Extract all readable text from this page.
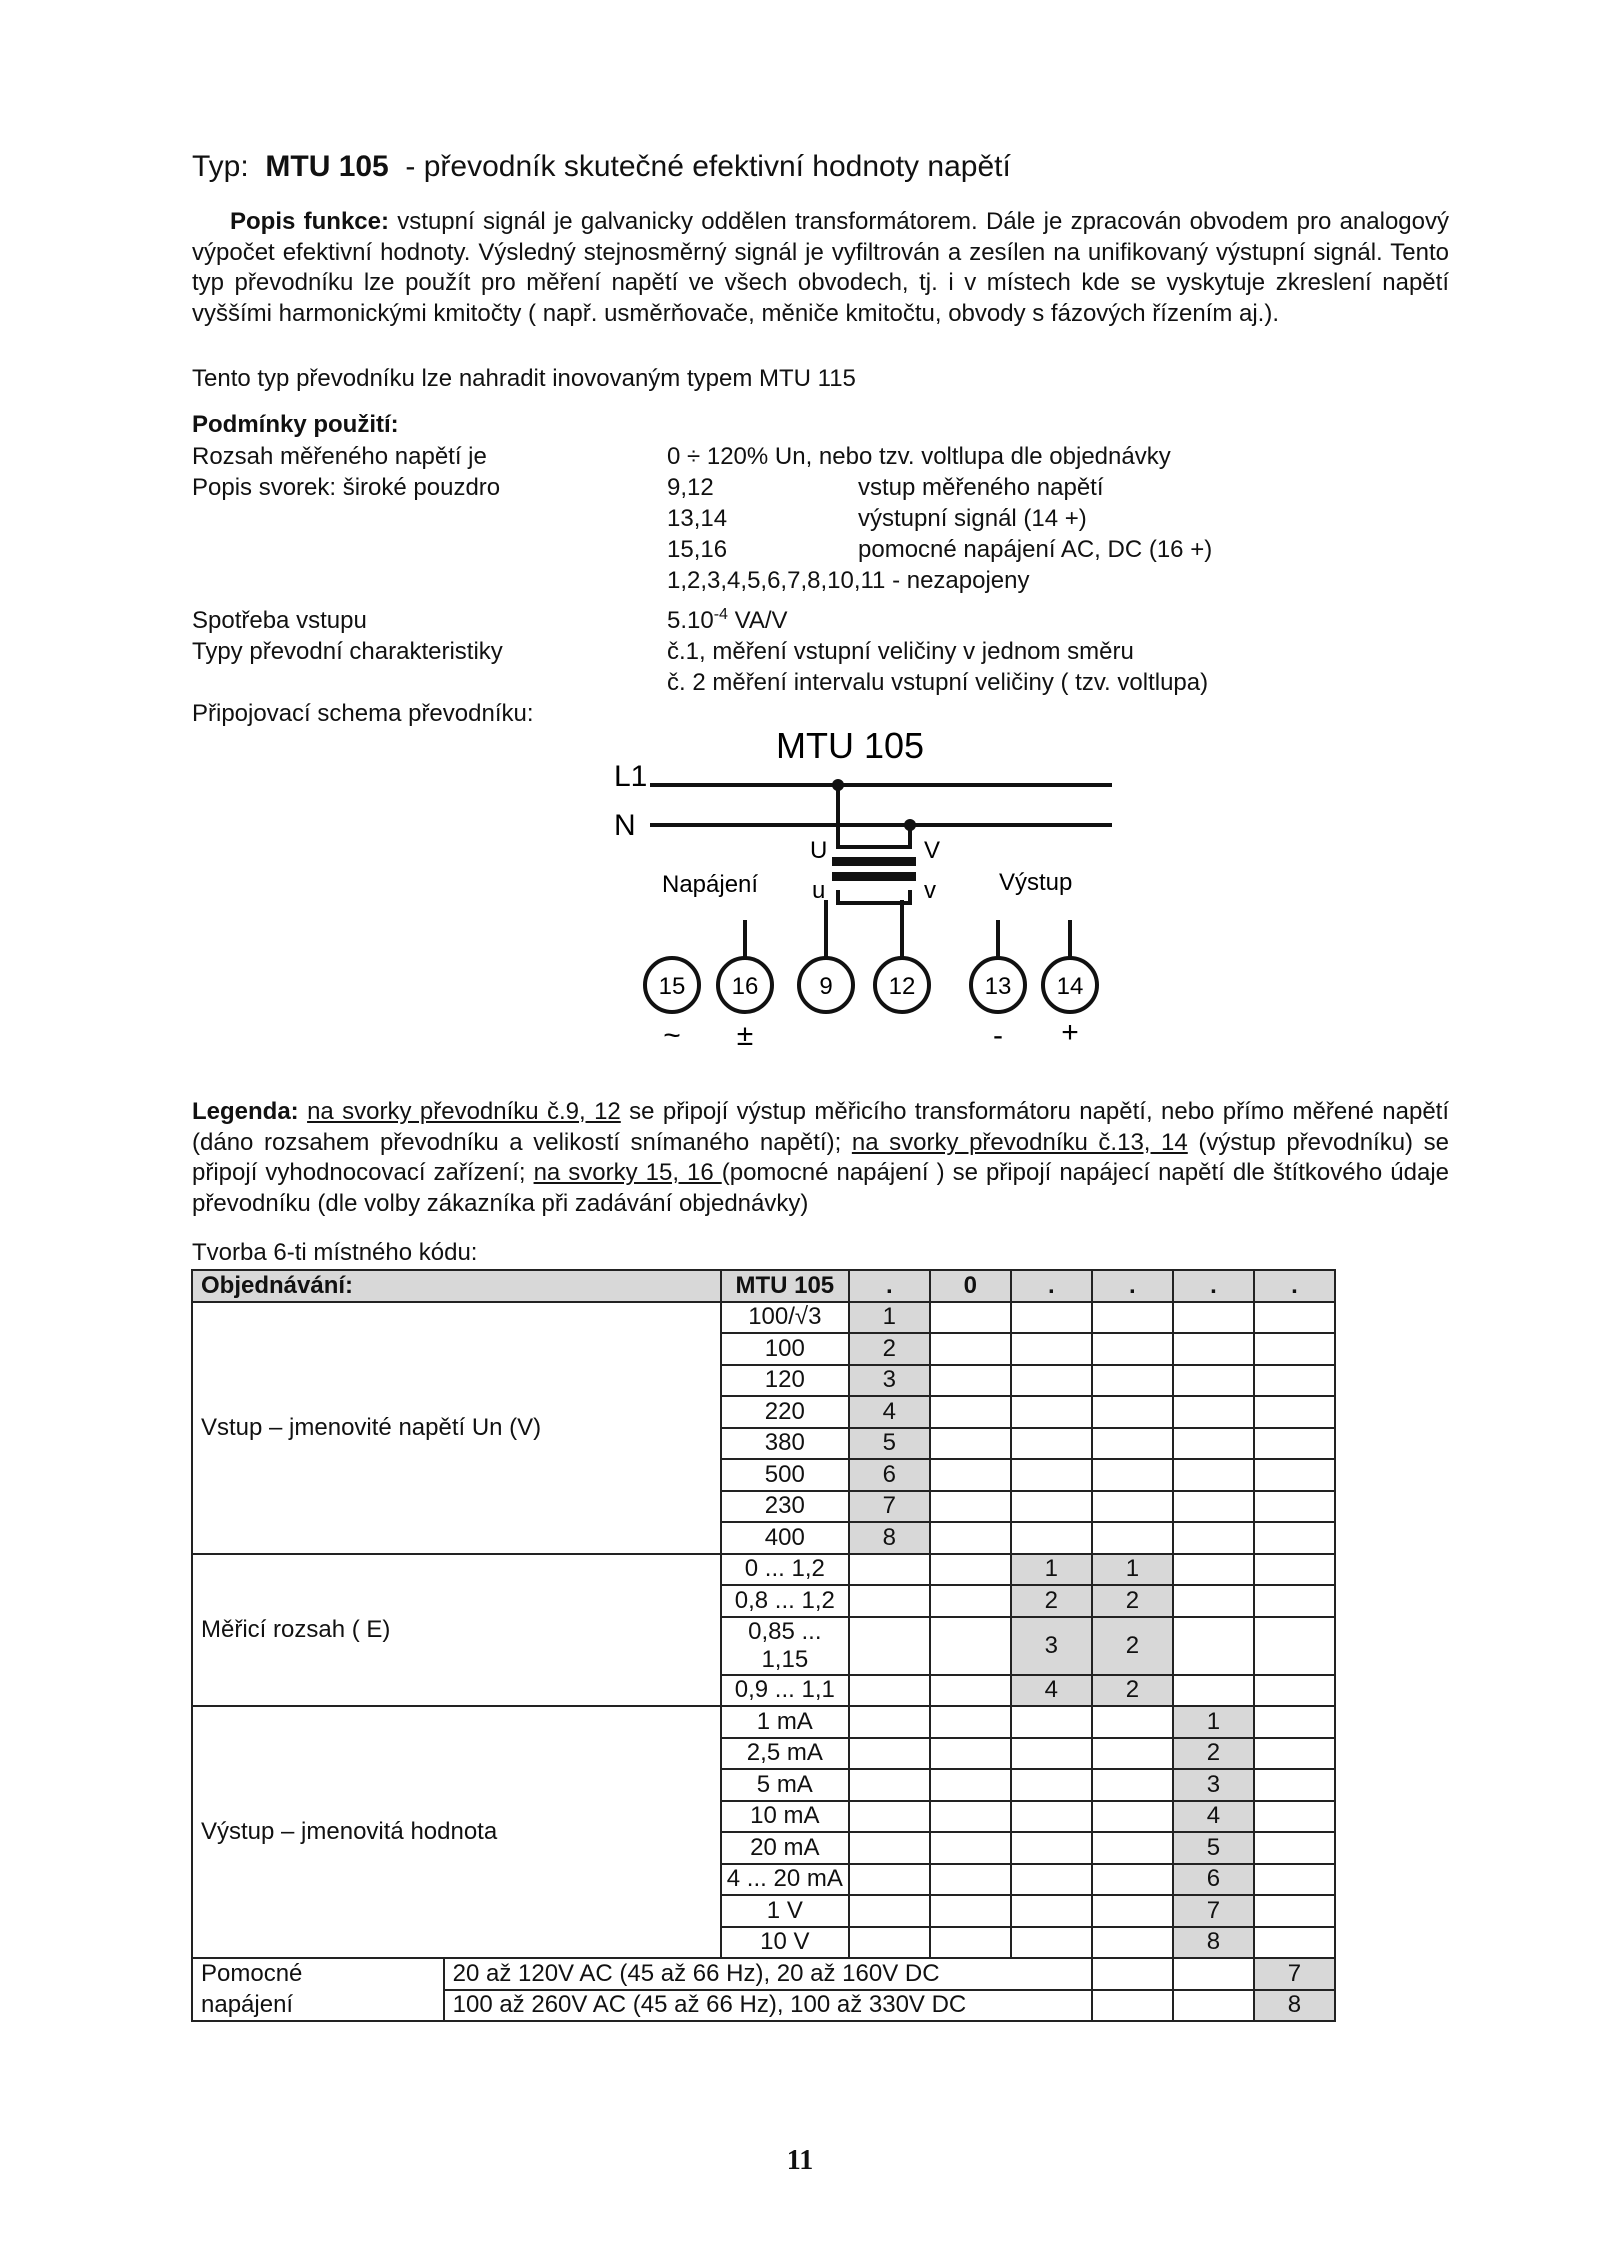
Typ: MTU 105 - převodník skutečné efektivní hodnoty napětí
Popis funkce: vstupní signál je galvanicky oddělen transformátorem. Dále je zpracován obvodem pro analogový výpočet efektivní hodnoty. Výsledný stejnosměrný signál je vyfiltrován a zesílen na unifikovaný výstupní signál. Tento typ převodníku lze použít pro měření napětí ve všech obvodech, tj. i v místech kde se vyskytuje zkreslení napětí vyššími harmonickými kmitočty ( např. usměrňovače, měniče kmitočtu, obvody s fázových řízením aj.).
Tento typ převodníku lze nahradit inovovaným typem MTU 115
Podmínky použití:
Rozsah měřeného napětí je	0 ÷ 120% Un, nebo tzv. voltlupa dle objednávky
Popis svorek: široké pouzdro	9,12	vstup měřeného napětí
13,14	výstupní signál (14 +)
15,16	pomocné napájení AC, DC (16 +)
1,2,3,4,5,6,7,8,10,11 - nezapojeny
Spotřeba vstupu	$5.10^{-4}$ VA/V
Typy převodní charakteristiky	č.1, měření vstupní veličiny v jednom směru
č. 2 měření intervalu vstupní veličiny ( tzv. voltlupa)
Připojovací schema převodníku:
MTU 105
L1
N
U
u
V
v
Napájení	Výstup
15 16	9 12	13 14
~ ±	- +
Legenda: na svorky převodníku č.9, 12 se připojí výstup měřicího transformátoru napětí, nebo přímo měřené napětí (dáno rozsahem převodníku a velikostí snímaného napětí); na svorky převodníku č.13, 14 (výstup převodníku) se připojí vyhodnocovací zařízení; na svorky 15, 16 (pomocné napájení ) se připojí napájecí napětí dle štítkového údaje převodníku (dle volby zákazníka při zadávání objednávky)
Tvorba 6-ti místného kódu:
Objednávání:		MTU 105	.	0	.	.	.	.
Vstup – jmenovité napětí Un (V)		100/√3	1					
		100	2					
		120	3					
		220	4					
		380	5					
		500	6					
		230	7					
		400	8					
Měřicí rozsah ( E)		0 ... 1,2			1	1		
		0,8 ... 1,2			2	2		
		0,85 ... 1,15			3	2		
		0,9 ... 1,1			4	2		
Výstup – jmenovitá hodnota		1 mA					1	
		2,5 mA					2	
		5 mA					3	
		10 mA					4	
		20 mA					5	
		4 ... 20 mA					6	
		1 V					7	
		10 V					8	
Pomocné	20 až 120V AC (45 až 66 Hz), 20 až 160V DC							7
napájení	100 až 260V AC (45 až 66 Hz), 100 až 330V DC							8
11
